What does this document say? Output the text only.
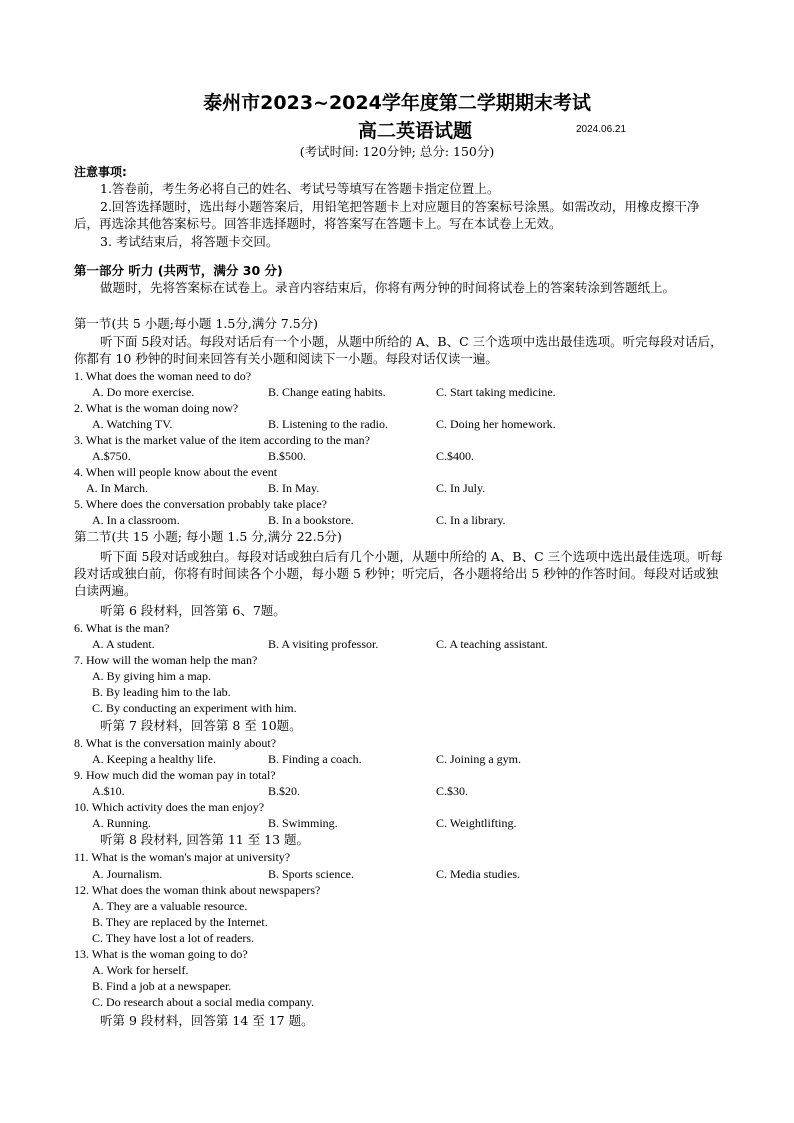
泰州市2023~2024学年度第二学期期末考试
高二英语试题	2024.06.21
(考试时间: 120分钟; 总分: 150分)
注意事项:
1.答卷前，考生务必将自己的姓名、考试号等填写在答题卡指定位置上。
2.回答选择题时，选出每小题答案后，用铅笔把答题卡上对应题目的答案标号涂黑。如需改动，用橡皮擦干净后，再选涂其他答案标号。回答非选择题时，将答案写在答题卡上。写在本试卷上无效。
3. 考试结束后，将答题卡交回。
第一部分 听力 (共两节，满分 30 分)
做题时，先将答案标在试卷上。录音内容结束后，你将有两分钟的时间将试卷上的答案转涂到答题纸上。
第一节(共 5 小题;每小题 1.5分,满分 7.5分)
听下面 5段对话。每段对话后有一个小题，从题中所给的 A、B、C 三个选项中选出最佳选项。听完每段对话后，你都有 10 秒钟的时间来回答有关小题和阅读下一小题。每段对话仅读一遍。
1. What does the woman need to do?
A. Do more exercise.	B. Change eating habits.	C. Start taking medicine.
2. What is the woman doing now?
A. Watching TV.	B. Listening to the radio.	C. Doing her homework.
3. What is the market value of the item according to the man?
A.$750.	B.$500.	C.$400.
4. When will people know about the event
A. In March.	B. In May.	C. In July.
5. Where does the conversation probably take place?
A. In a classroom.	B. In a bookstore.	C. In a library.
第二节(共 15 小题; 每小题 1.5 分,满分 22.5分)
听下面 5段对话或独白。每段对话或独白后有几个小题，从题中所给的 A、B、C 三个选项中选出最佳选项。听每段对话或独白前，你将有时间读各个小题，每小题 5 秒钟；听完后，各小题将给出 5 秒钟的作答时间。每段对话或独白读两遍。
听第 6 段材料，回答第 6、7题。
6. What is the man?
A. A student.	B. A visiting professor.	C. A teaching assistant.
7. How will the woman help the man?
A. By giving him a map.
B. By leading him to the lab.
C. By conducting an experiment with him.
听第 7 段材料，回答第 8 至 10题。
8. What is the conversation mainly about?
A. Keeping a healthy life.	B. Finding a coach.	C. Joining a gym.
9. How much did the woman pay in total?
A.$10.	B.$20.	C.$30.
10. Which activity does the man enjoy?
A. Running.	B. Swimming.	C. Weightlifting.
听第 8 段材料, 回答第 11 至 13 题。
11. What is the woman's major at university?
A. Journalism.	B. Sports science.	C. Media studies.
12. What does the woman think about newspapers?
A. They are a valuable resource.
B. They are replaced by the Internet.
C. They have lost a lot of readers.
13. What is the woman going to do?
A. Work for herself.
B. Find a job at a newspaper.
C. Do research about a social media company.
听第 9 段材料，回答第 14 至 17 题。
